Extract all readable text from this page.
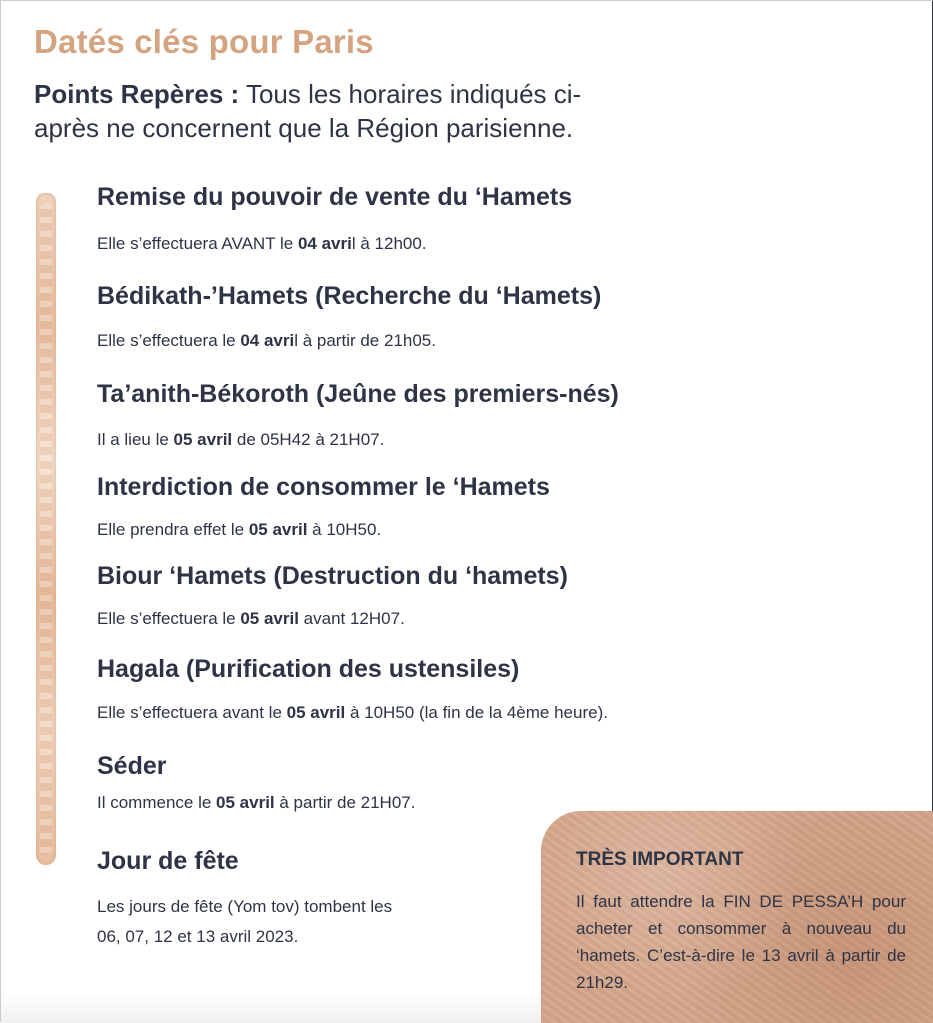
Datés clés pour Paris
Points Repères : Tous les horaires indiqués ci-
après ne concernent que la Région parisienne.
Remise du pouvoir de vente du ‘Hamets
Elle s’effectuera AVANT le 04 avril à 12h00.
Bédikath-’Hamets (Recherche du ‘Hamets)
Elle s’effectuera le 04 avril à partir de 21h05.
Ta’anith-Békoroth (Jeûne des premiers-nés)
Il a lieu le 05 avril de 05H42 à 21H07.
Interdiction de consommer le ‘Hamets
Elle prendra effet le 05 avril à 10H50.
Biour ‘Hamets (Destruction du ‘hamets)
Elle s’effectuera le 05 avril avant 12H07.
Hagala (Purification des ustensiles)
Elle s’effectuera avant le 05 avril à 10H50 (la fin de la 4ème heure).
Séder
Il commence le 05 avril à partir de 21H07.
Jour de fête
Les jours de fête (Yom tov) tombent les
06, 07, 12 et 13 avril 2023.
TRÈS IMPORTANT
Il faut attendre la FIN DE PESSA’H pour acheter et consommer à nouveau du ‘hamets. C’est-à-dire le 13 avril à partir de 21h29.
